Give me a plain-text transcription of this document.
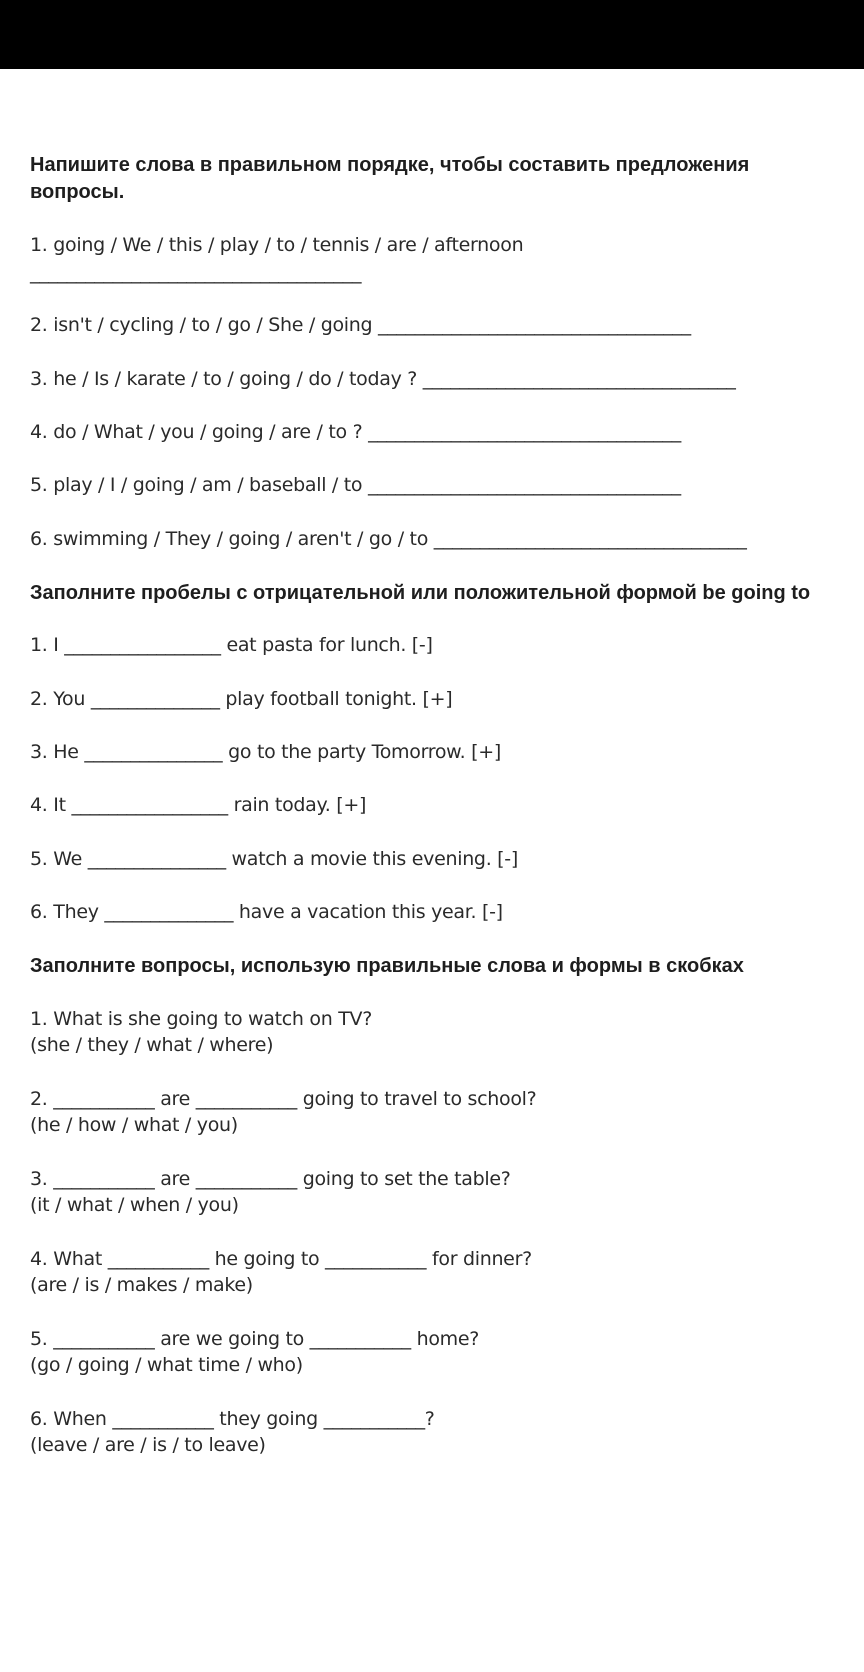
Напишите слова в правильном порядке, чтобы составить предложения
вопросы.
1. going / We / this / play / to / tennis / are / afternoon
____________________________________
2. isn't / cycling / to / go / She / going __________________________________
3. he / Is / karate / to / going / do / today ? __________________________________
4. do / What / you / going / are / to ? __________________________________
5. play / I / going / am / baseball / to __________________________________
6. swimming / They / going / aren't / go / to __________________________________
Заполните пробелы с отрицательной или положительной формой be going to
1. I _________________ eat pasta for lunch. [-]
2. You ______________ play football tonight. [+]
3. He _______________ go to the party Tomorrow. [+]
4. It _________________ rain today. [+]
5. We _______________ watch a movie this evening. [-]
6. They ______________ have a vacation this year. [-]
Заполните вопросы, использую правильные слова и формы в скобках
1. What is she going to watch on TV?
(she / they / what / where)
2. ___________ are ___________ going to travel to school?
(he / how / what / you)
3. ___________ are ___________ going to set the table?
(it / what / when / you)
4. What ___________ he going to ___________ for dinner?
(are / is / makes / make)
5. ___________ are we going to ___________ home?
(go / going / what time / who)
6. When ___________ they going ___________?
(leave / are / is / to leave)
